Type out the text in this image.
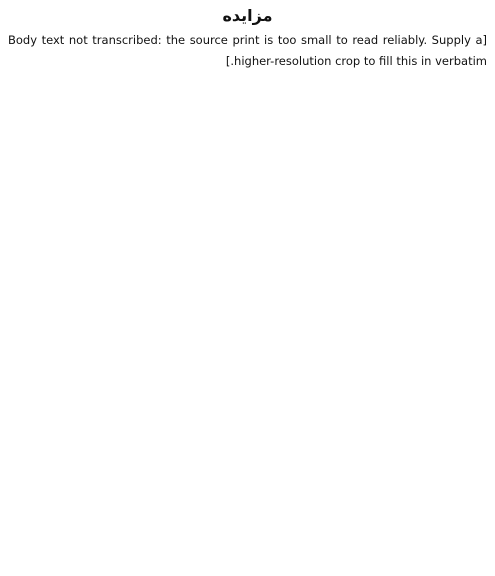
مزایده
[Body text not transcribed: the source print is too small to read reliably. Supply a higher-resolution crop to fill this in verbatim.]
